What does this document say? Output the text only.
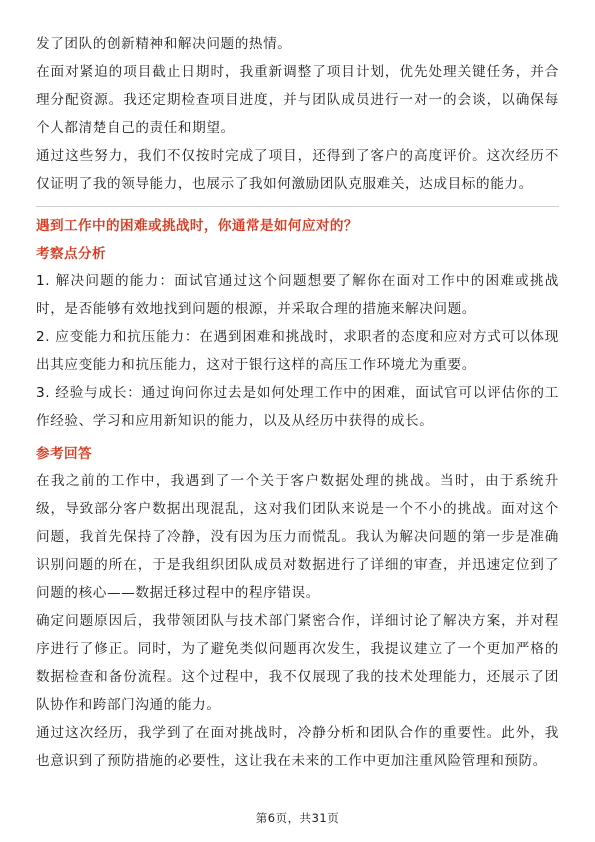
发了团队的创新精神和解决问题的热情。

在面对紧迫的项目截止日期时，我重新调整了项目计划，优先处理关键任务，并合理分配资源。我还定期检查项目进度，并与团队成员进行一对一的会谈，以确保每个人都清楚自己的责任和期望。

通过这些努力，我们不仅按时完成了项目，还得到了客户的高度评价。这次经历不仅证明了我的领导能力，也展示了我如何激励团队克服难关，达成目标的能力。

遇到工作中的困难或挑战时，你通常是如何应对的？

考察点分析

1. 解决问题的能力：面试官通过这个问题想要了解你在面对工作中的困难或挑战时，是否能够有效地找到问题的根源，并采取合理的措施来解决问题。

2. 应变能力和抗压能力：在遇到困难和挑战时，求职者的态度和应对方式可以体现出其应变能力和抗压能力，这对于银行这样的高压工作环境尤为重要。

3. 经验与成长：通过询问你过去是如何处理工作中的困难，面试官可以评估你的工作经验、学习和应用新知识的能力，以及从经历中获得的成长。

参考回答

在我之前的工作中，我遇到了一个关于客户数据处理的挑战。当时，由于系统升级，导致部分客户数据出现混乱，这对我们团队来说是一个不小的挑战。面对这个问题，我首先保持了冷静，没有因为压力而慌乱。我认为解决问题的第一步是准确识别问题的所在，于是我组织团队成员对数据进行了详细的审查，并迅速定位到了问题的核心——数据迁移过程中的程序错误。

确定问题原因后，我带领团队与技术部门紧密合作，详细讨论了解决方案，并对程序进行了修正。同时，为了避免类似问题再次发生，我提议建立了一个更加严格的数据检查和备份流程。这个过程中，我不仅展现了我的技术处理能力，还展示了团队协作和跨部门沟通的能力。

通过这次经历，我学到了在面对挑战时，冷静分析和团队合作的重要性。此外，我也意识到了预防措施的必要性，这让我在未来的工作中更加注重风险管理和预防。

第6页，共31页
